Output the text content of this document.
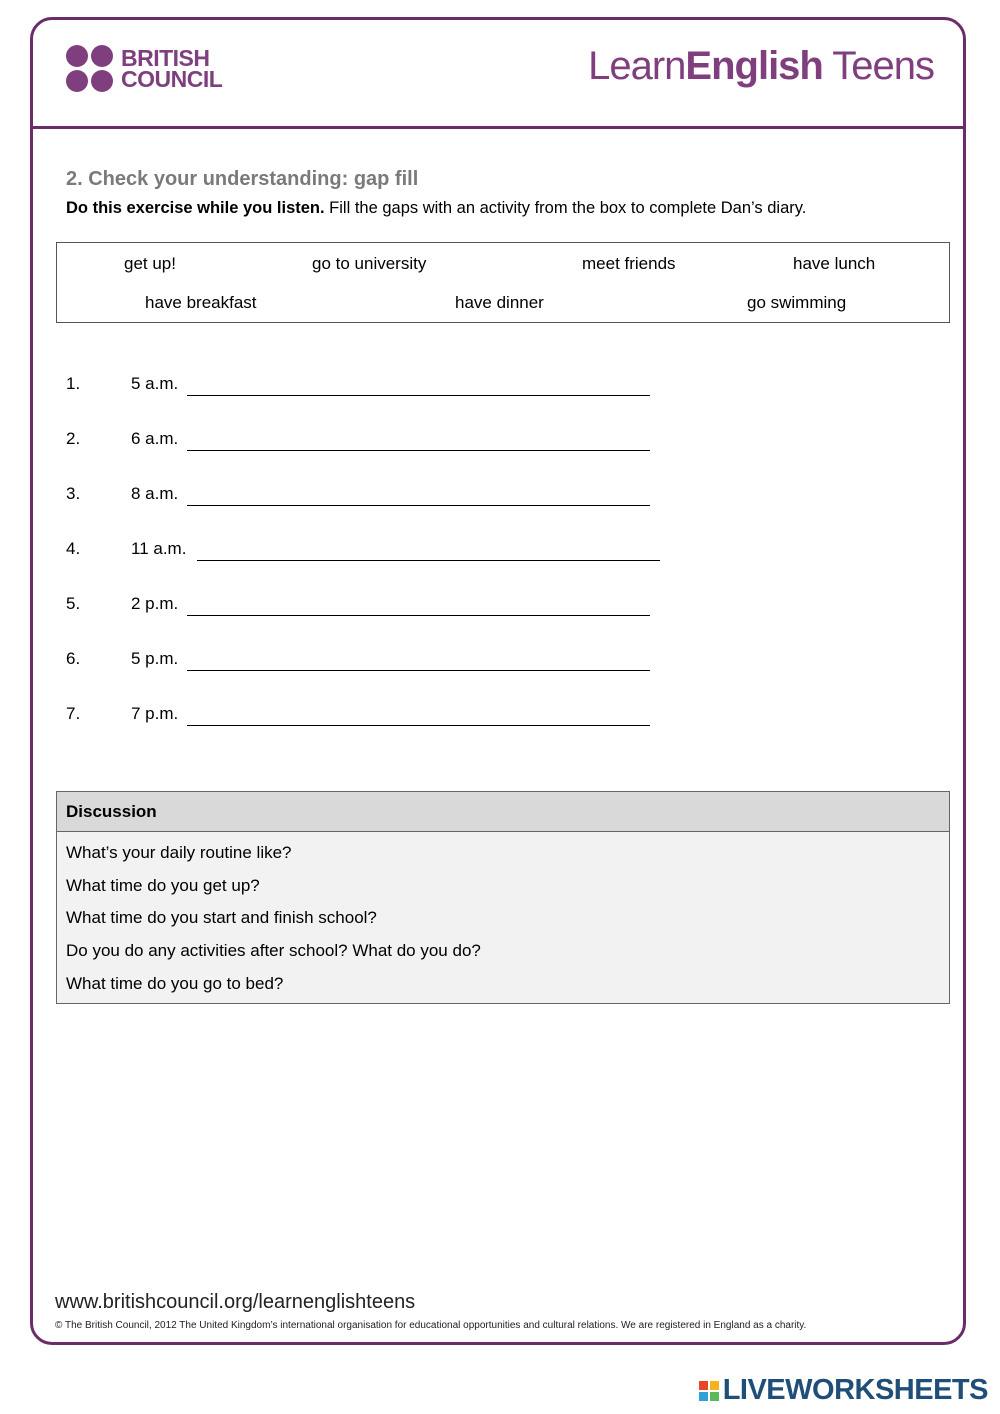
BRITISH
COUNCIL	LearnEnglish Teens
2. Check your understanding: gap fill
Do this exercise while you listen. Fill the gaps with an activity from the box to complete Dan’s diary.
get up!	go to university	meet friends	have lunch
have breakfast	have dinner	go swimming
1.	5 a.m.
2.	6 a.m.
3.	8 a.m.
4.	11 a.m.
5.	2 p.m.
6.	5 p.m.
7.	7 p.m.
Discussion
What’s your daily routine like?
What time do you get up?
What time do you start and finish school?
Do you do any activities after school? What do you do?
What time do you go to bed?
www.britishcouncil.org/learnenglishteens
© The British Council, 2012 The United Kingdom’s international organisation for educational opportunities and cultural relations. We are registered in England as a charity.
LIVEWORKSHEETS
